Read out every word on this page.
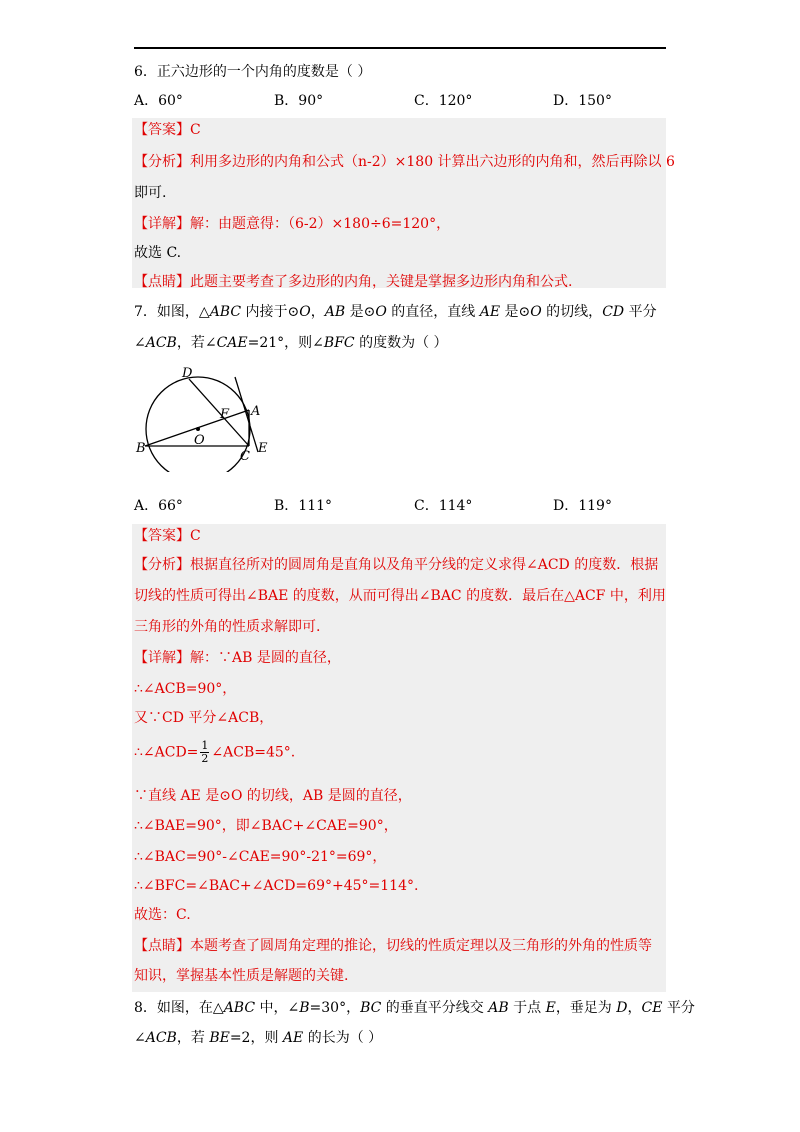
6．正六边形的一个内角的度数是（ ）
A．60°	B．90°	C．120°	D．150°
【答案】C
【分析】利用多边形的内角和公式（n-2）×180 计算出六边形的内角和，然后再除以 6
即可.
【详解】解：由题意得：（6-2）×180÷6=120°，
故选 C.
【点睛】此题主要考查了多边形的内角，关键是掌握多边形内角和公式.
7．如图，△ABC 内接于⊙O，AB 是⊙O 的直径，直线 AE 是⊙O 的切线，CD 平分
∠ACB，若∠CAE=21°，则∠BFC 的度数为（ ）
D
F A
O
B
C
E
A．66°	B．111°	C．114°	D．119°
【答案】C
【分析】根据直径所对的圆周角是直角以及角平分线的定义求得∠ACD 的度数．根据
切线的性质可得出∠BAE 的度数，从而可得出∠BAC 的度数．最后在△ACF 中，利用
三角形的外角的性质求解即可.
【详解】解：∵AB 是圆的直径，
∴∠ACB=90°，
又∵CD 平分∠ACB，
∴∠ACD= $\frac{1}{2}$ ∠ACB=45°.
∵直线 AE 是⊙O 的切线，AB 是圆的直径，
∴∠BAE=90°，即∠BAC+∠CAE=90°，
∴∠BAC=90°-∠CAE=90°-21°=69°，
∴∠BFC=∠BAC+∠ACD=69°+45°=114°.
故选：C.
【点睛】本题考查了圆周角定理的推论，切线的性质定理以及三角形的外角的性质等
知识，掌握基本性质是解题的关键.
8．如图，在△ABC 中，∠B=30°，BC 的垂直平分线交 AB 于点 E，垂足为 D，CE 平分
∠ACB，若 BE=2，则 AE 的长为（ ）
